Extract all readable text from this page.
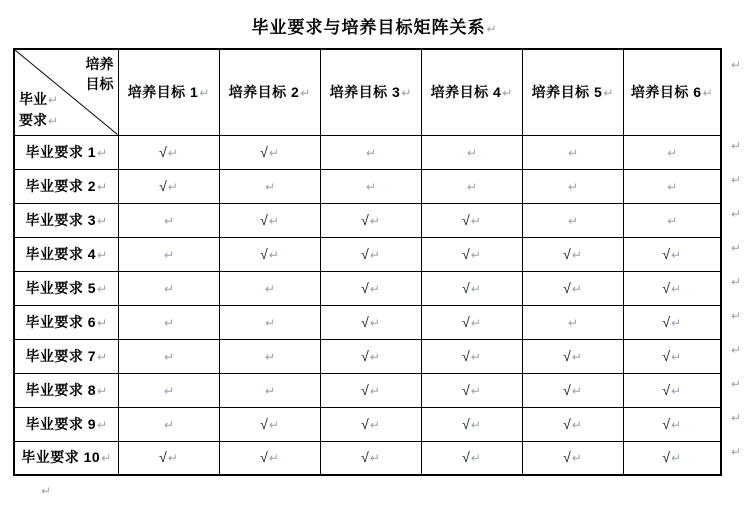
毕业要求与培养目标矩阵关系↵
培养
目标
毕业↵
要求↵	培养目标 1↵	培养目标 2↵	培养目标 3↵	培养目标 4↵	培养目标 5↵	培养目标 6↵
毕业要求 1↵	√↵	√↵	↵	↵	↵	↵
毕业要求 2↵	√↵	↵	↵	↵	↵	↵
毕业要求 3↵	↵	√↵	√↵	√↵	↵	↵
毕业要求 4↵	↵	√↵	√↵	√↵	√↵	√↵
毕业要求 5↵	↵	↵	√↵	√↵	√↵	√↵
毕业要求 6↵	↵	↵	√↵	√↵	↵	√↵
毕业要求 7↵	↵	↵	√↵	√↵	√↵	√↵
毕业要求 8↵	↵	↵	√↵	√↵	√↵	√↵
毕业要求 9↵	↵	√↵	√↵	√↵	√↵	√↵
毕业要求 10↵	√↵	√↵	√↵	√↵	√↵	√↵
↵
↵
↵
↵
↵
↵
↵
↵
↵
↵
↵
↵
